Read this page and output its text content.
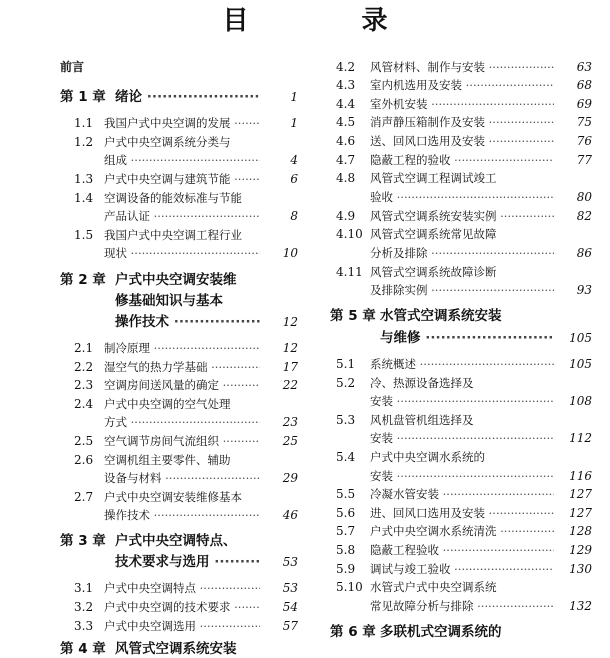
目 录
前言
第 1 章 绪论 ·····	1
1.1 我国户式中央空调的发展 ·····	1
1.2 户式中央空调系统分类与
组成 ·····	4
1.3 户式中央空调与建筑节能 ·····	6
1.4 空调设备的能效标准与节能
产品认证 ·····	8
1.5 我国户式中央空调工程行业
现状 ·····	10
第 2 章 户式中央空调安装维
修基础知识与基本
操作技术 ·····	12
2.1 制冷原理 ·····	12
2.2 湿空气的热力学基础 ·····	17
2.3 空调房间送风量的确定 ·····	22
2.4 户式中央空调的空气处理
方式 ·····	23
2.5 空气调节房间气流组织 ·····	25
2.6 空调机组主要零件、辅助
设备与材料 ·····	29
2.7 户式中央空调安装维修基本
操作技术 ·····	46
第 3 章 户式中央空调特点、
技术要求与选用 ·····	53
3.1 户式中央空调特点 ·····	53
3.2 户式中央空调的技术要求 ·····	54
3.3 户式中央空调选用 ·····	57
第 4 章 风管式空调系统安装
4.2 风管材料、制作与安装 ·····	63
4.3 室内机选用及安装 ·····	68
4.4 室外机安装 ·····	69
4.5 消声静压箱制作及安装 ·····	75
4.6 送、回风口选用及安装 ·····	76
4.7 隐蔽工程的验收 ·····	77
4.8 风管式空调工程调试竣工
验收 ·····	80
4.9 风管式空调系统安装实例 ·····	82
4.10 风管式空调系统常见故障
分析及排除 ·····	86
4.11 风管式空调系统故障诊断
及排除实例 ·····	93
第 5 章 水管式空调系统安装
与维修 ·····	105
5.1 系统概述 ·····	105
5.2 冷、热源设备选择及
安装 ·····	108
5.3 风机盘管机组选择及
安装 ·····	112
5.4 户式中央空调水系统的
安装 ·····	116
5.5 冷凝水管安装 ·····	127
5.6 进、回风口选用及安装 ·····	127
5.7 户式中央空调水系统清洗 ·····	128
5.8 隐蔽工程验收 ·····	129
5.9 调试与竣工验收 ·····	130
5.10 水管式户式中央空调系统
常见故障分析与排除 ·····	132
第 6 章 多联机式空调系统的
